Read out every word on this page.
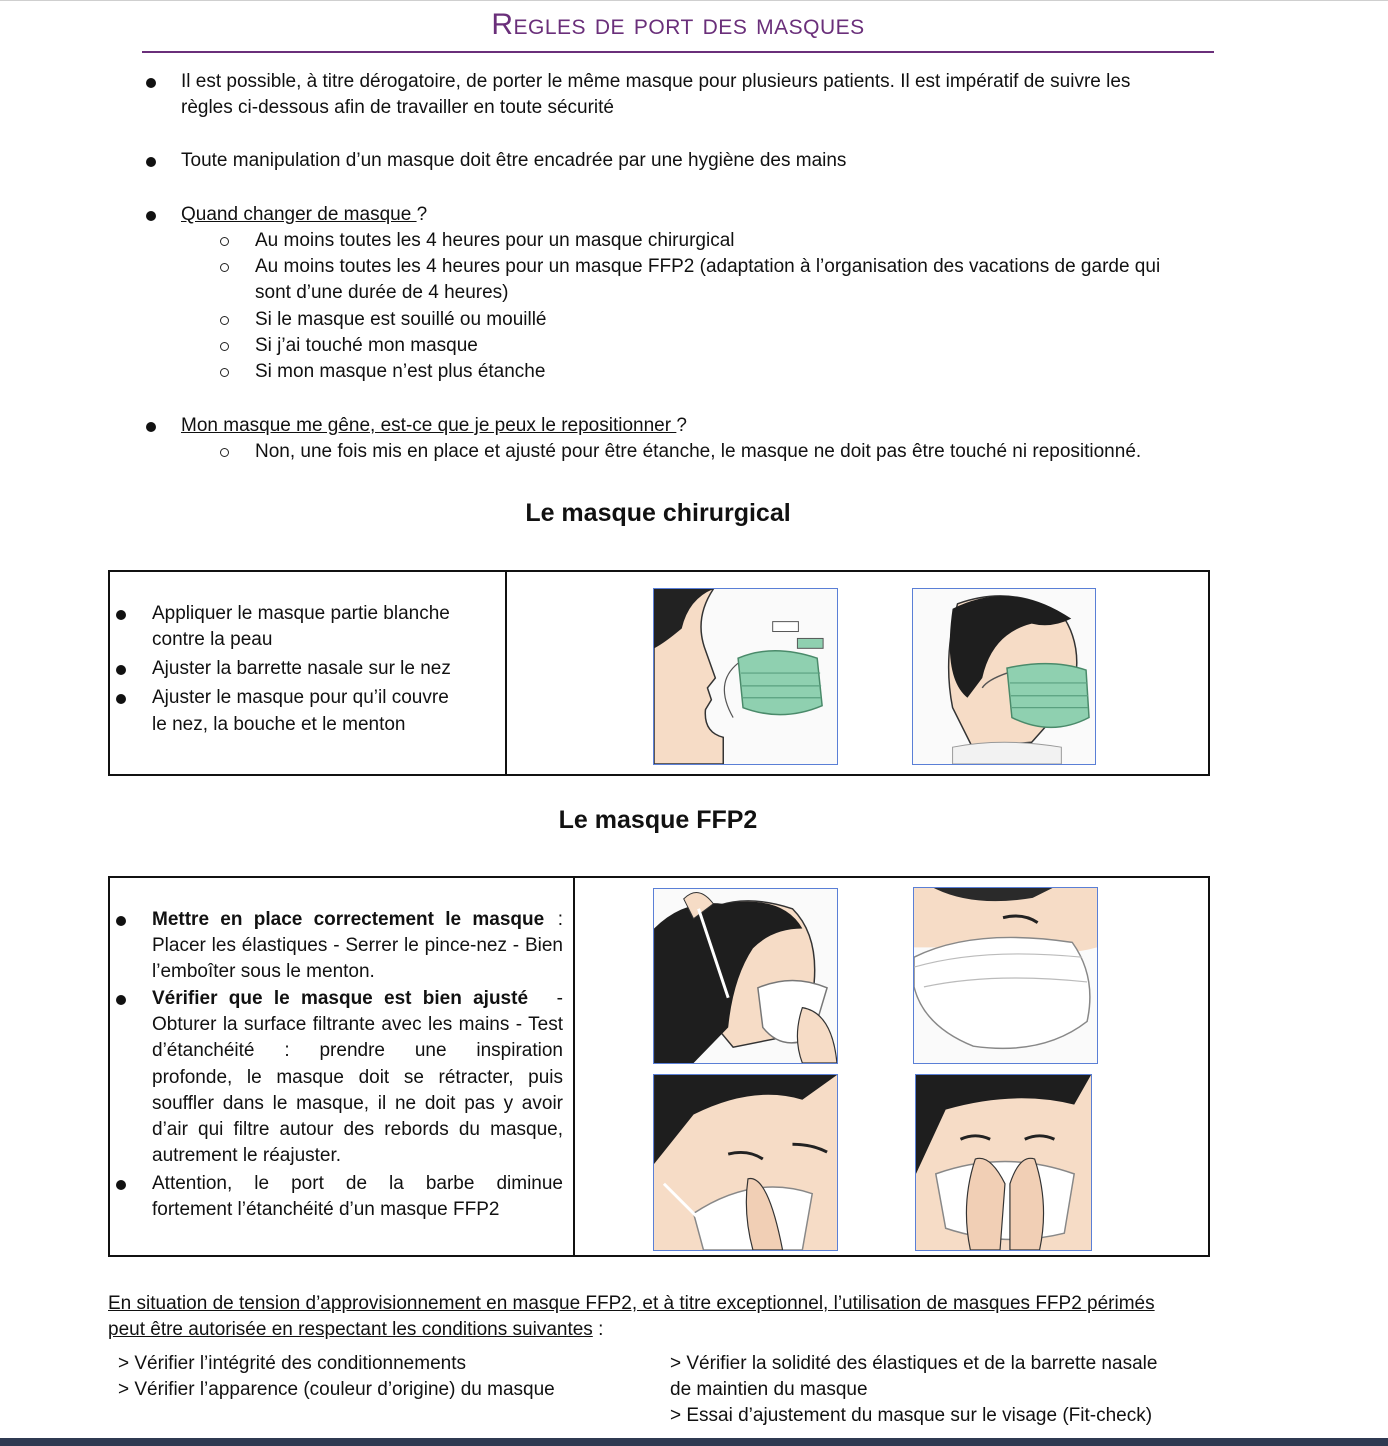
Regles de port des masques
Il est possible, à titre dérogatoire, de porter le même masque pour plusieurs patients. Il est impératif de suivre les
règles ci-dessous afin de travailler en toute sécurité
Toute manipulation d’un masque doit être encadrée par une hygiène des mains
Quand changer de masque ?
Au moins toutes les 4 heures pour un masque chirurgical
Au moins toutes les 4 heures pour un masque FFP2 (adaptation à l’organisation des vacations de garde qui
sont d’une durée de 4 heures)
Si le masque est souillé ou mouillé
Si j’ai touché mon masque
Si mon masque n’est plus étanche
Mon masque me gêne, est-ce que je peux le repositionner ?
Non, une fois mis en place et ajusté pour être étanche, le masque ne doit pas être touché ni repositionné.
Le masque chirurgical
Appliquer le masque partie blanche
contre la peau
Ajuster la barrette nasale sur le nez
Ajuster le masque pour qu’il couvre
le nez, la bouche et le menton
Le masque FFP2
Mettre en place correctement le masque :
Placer les élastiques - Serrer le pince-nez - Bien
l’emboîter sous le menton.
Vérifier que le masque est bien ajusté -
Obturer la surface filtrante avec les mains - Test
d’étanchéité : prendre une inspiration
profonde, le masque doit se rétracter, puis
souffler dans le masque, il ne doit pas y avoir
d’air qui filtre autour des rebords du masque,
autrement le réajuster.
Attention, le port de la barbe diminue
fortement l’étanchéité d’un masque FFP2
En situation de tension d’approvisionnement en masque FFP2, et à titre exceptionnel, l’utilisation de masques FFP2 périmés
peut être autorisée en respectant les conditions suivantes :
> Vérifier l’intégrité des conditionnements
> Vérifier l’apparence (couleur d’origine) du masque
> Vérifier la solidité des élastiques et de la barrette nasale
de maintien du masque
> Essai d’ajustement du masque sur le visage (Fit-check)
